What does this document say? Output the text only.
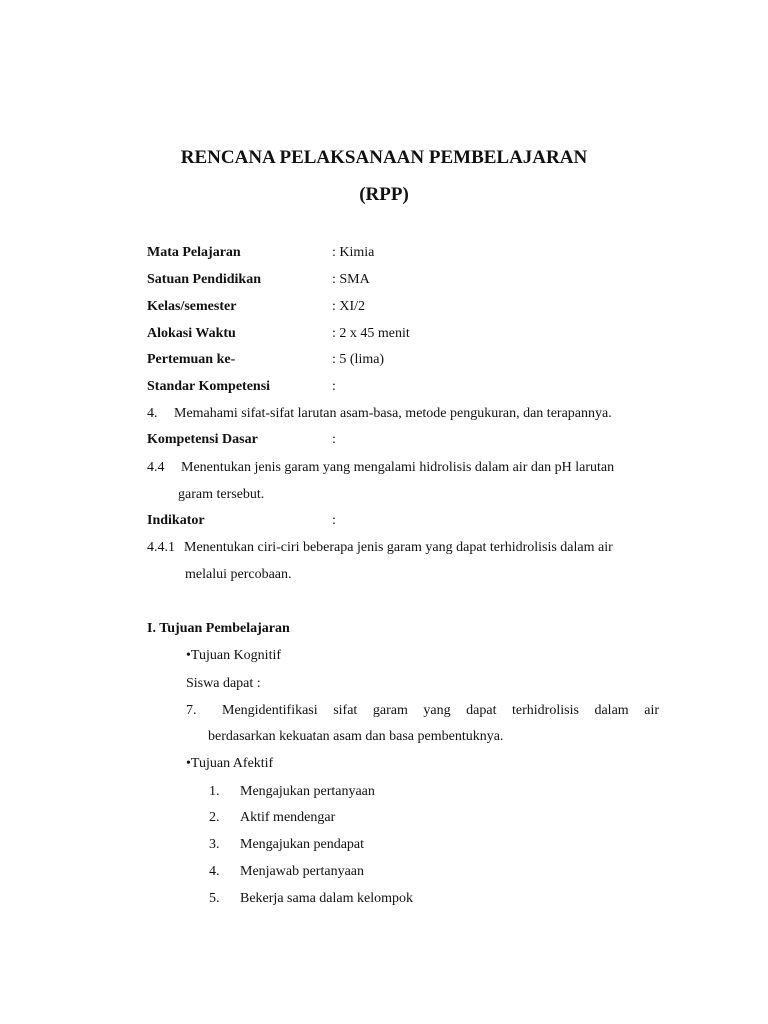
RENCANA PELAKSANAAN PEMBELAJARAN
(RPP)
Mata Pelajaran	: Kimia
Satuan Pendidikan	: SMA
Kelas/semester	: XI/2
Alokasi Waktu	: 2 x 45 menit
Pertemuan ke-	: 5 (lima)
Standar Kompetensi	:
4. Memahami sifat-sifat larutan asam-basa, metode pengukuran, dan terapannya.
Kompetensi Dasar	:
4.4 Menentukan jenis garam yang mengalami hidrolisis dalam air dan pH larutan
garam tersebut.
Indikator	:
4.4.1 Menentukan ciri-ciri beberapa jenis garam yang dapat terhidrolisis dalam air
melalui percobaan.
I. Tujuan Pembelajaran
•Tujuan Kognitif
Siswa dapat :
7. Mengidentifikasi sifat garam yang dapat terhidrolisis dalam air
berdasarkan kekuatan asam dan basa pembentuknya.
•Tujuan Afektif
1. Mengajukan pertanyaan
2. Aktif mendengar
3. Mengajukan pendapat
4. Menjawab pertanyaan
5. Bekerja sama dalam kelompok
